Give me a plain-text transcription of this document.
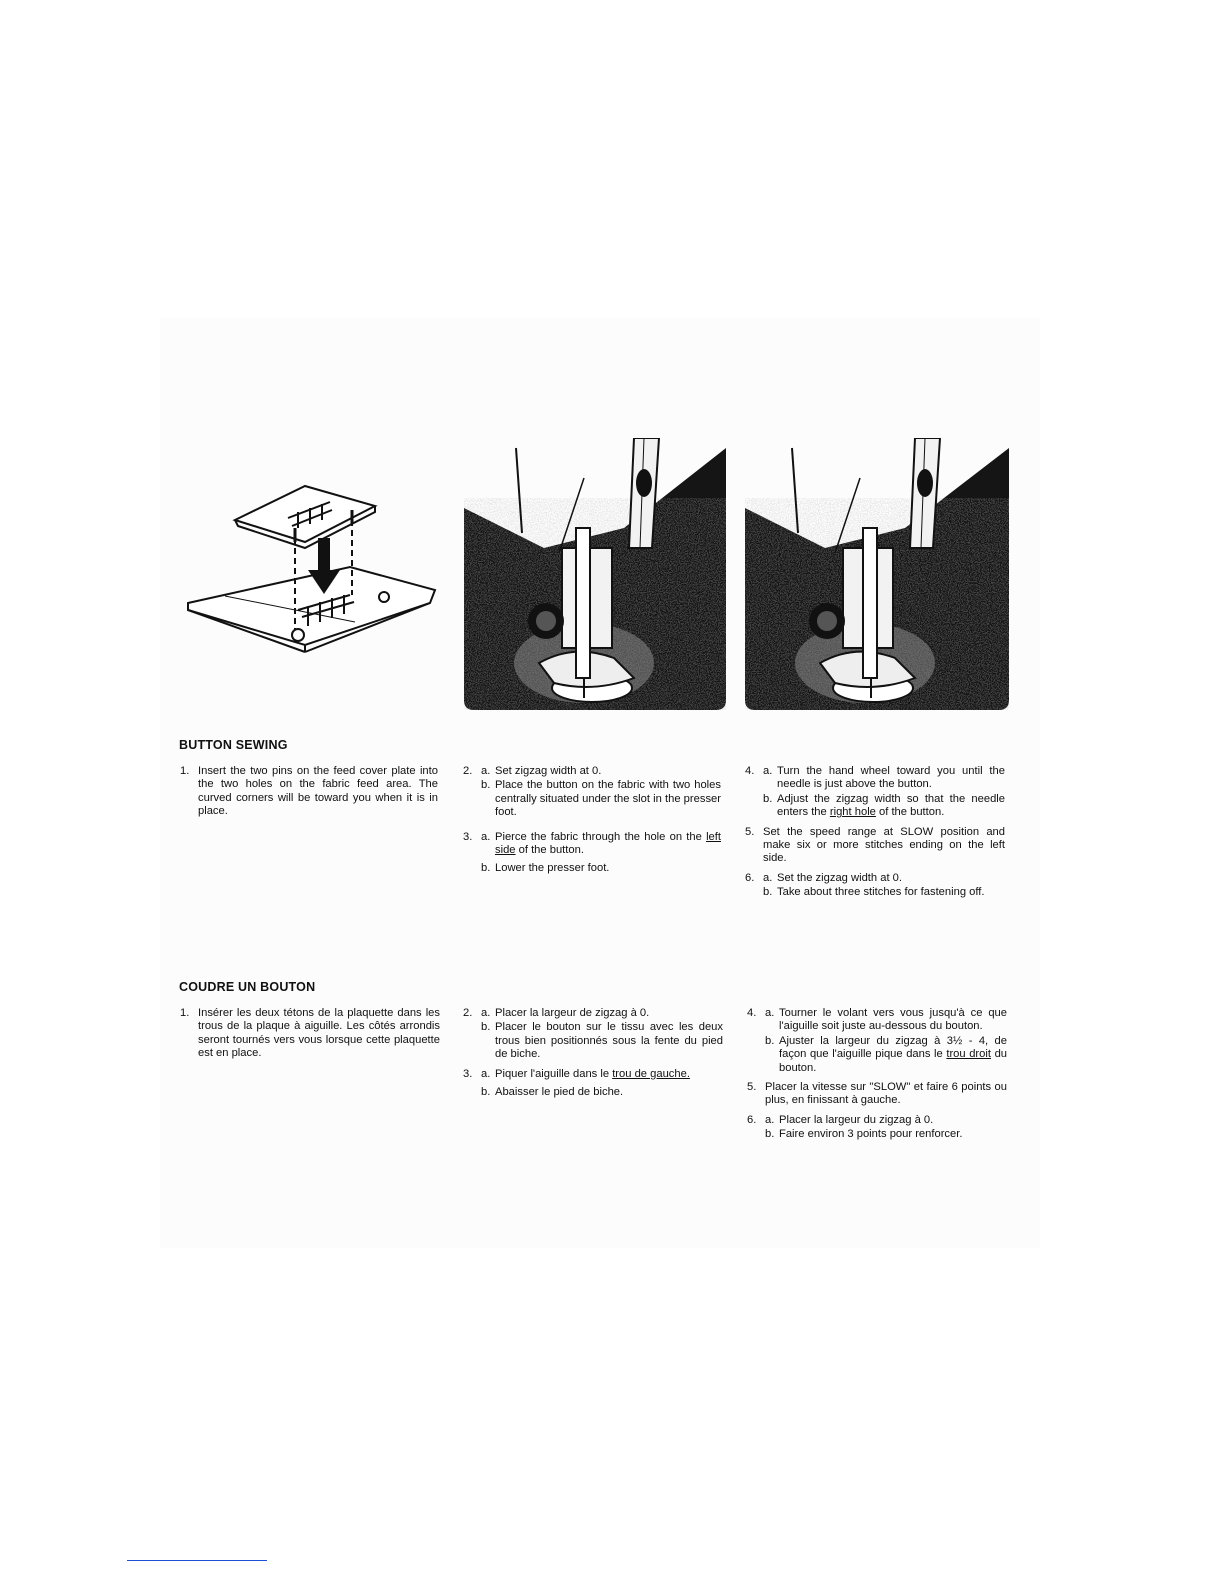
BUTTON SEWING
1. Insert the two pins on the feed cover plate into the two holes on the fabric feed area. The curved corners will be toward you when it is in place.
2. a. Set zigzag width at 0.
b. Place the button on the fabric with two holes centrally situated under the slot in the presser foot.
3. a. Pierce the fabric through the hole on the left side of the button.
b. Lower the presser foot.
4. a. Turn the hand wheel toward you until the needle is just above the button.
b. Adjust the zigzag width so that the needle enters the right hole of the button.
5. Set the speed range at SLOW position and make six or more stitches ending on the left side.
6. a. Set the zigzag width at 0.
b. Take about three stitches for fastening off.
COUDRE UN BOUTON
1. Insérer les deux tétons de la plaquette dans les trous de la plaque à aiguille. Les côtés arrondis seront tournés vers vous lorsque cette plaquette est en place.
2. a. Placer la largeur de zigzag à 0.
b. Placer le bouton sur le tissu avec les deux trous bien positionnés sous la fente du pied de biche.
3. a. Piquer l'aiguille dans le trou de gauche.
b. Abaisser le pied de biche.
4. a. Tourner le volant vers vous jusqu'à ce que l'aiguille soit juste au-dessous du bouton.
b. Ajuster la largeur du zigzag à 3½ - 4, de façon que l'aiguille pique dans le trou droit du bouton.
5. Placer la vitesse sur "SLOW" et faire 6 points ou plus, en finissant à gauche.
6. a. Placer la largeur du zigzag à 0.
b. Faire environ 3 points pour renforcer.
